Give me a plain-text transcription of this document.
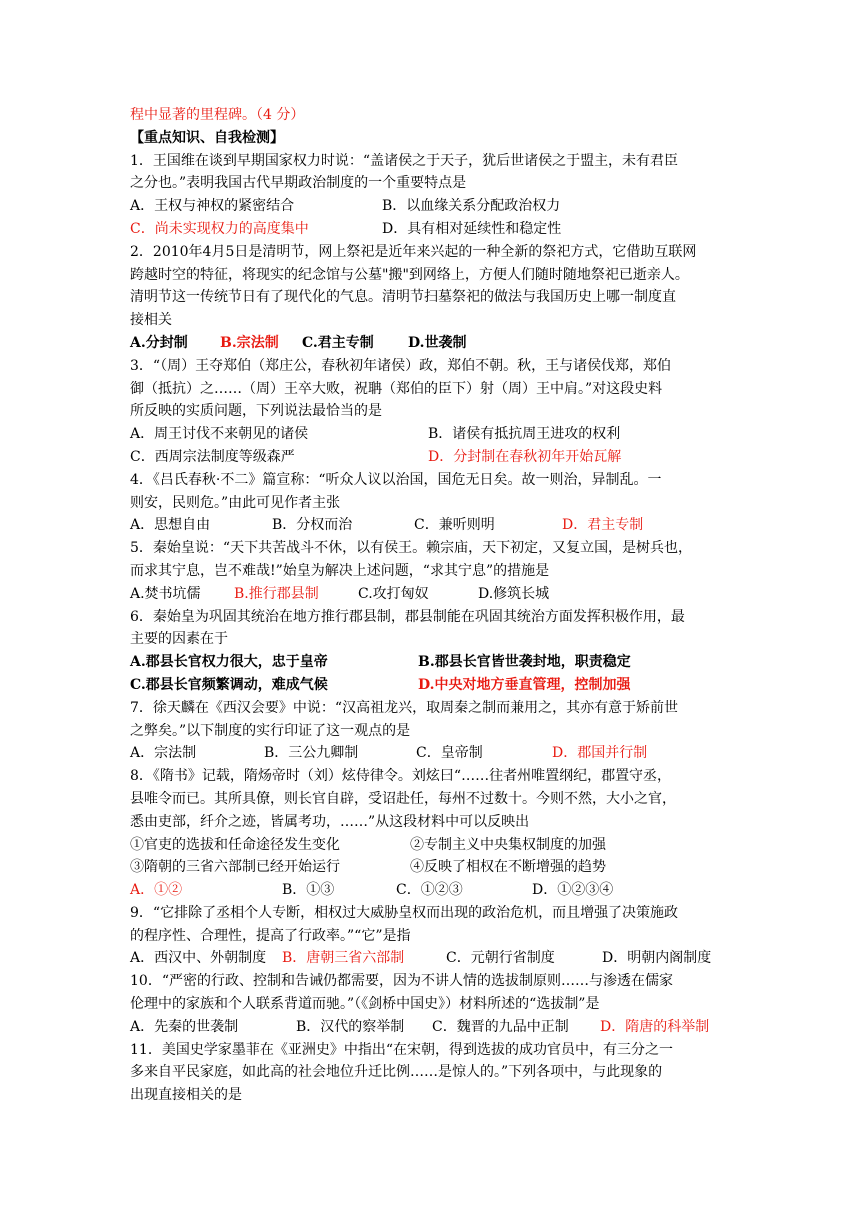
程中显著的里程碑。（4 分）
【重点知识、自我检测】
1．王国维在谈到早期国家权力时说：“盖诸侯之于天子，犹后世诸侯之于盟主，未有君臣
之分也。”表明我国古代早期政治制度的一个重要特点是
A．王权与神权的紧密结合	B．以血缘关系分配政治权力
C．尚未实现权力的高度集中	D．具有相对延续性和稳定性
2．2010年4月5日是清明节，网上祭祀是近年来兴起的一种全新的祭祀方式，它借助互联网
跨越时空的特征，将现实的纪念馆与公墓"搬"到网络上，方便人们随时随地祭祀已逝亲人。
清明节这一传统节日有了现代化的气息。清明节扫墓祭祀的做法与我国历史上哪一制度直
接相关
A.分封制	B.宗法制	C.君主专制	D.世袭制
3．“（周）王夺郑伯（郑庄公，春秋初年诸侯）政，郑伯不朝。秋，王与诸侯伐郑，郑伯
御（抵抗）之……（周）王卒大败，祝聃（郑伯的臣下）射（周）王中肩。”对这段史料
所反映的实质问题，下列说法最恰当的是
A．周王讨伐不来朝见的诸侯	B．诸侯有抵抗周王进攻的权利
C．西周宗法制度等级森严	D．分封制在春秋初年开始瓦解
4．《吕氏春秋·不二》篇宣称：“听众人议以治国，国危无日矣。故一则治，异制乱。一
则安，民则危。”由此可见作者主张
A．思想自由	B．分权而治	C．兼听则明	D．君主专制
5．秦始皇说：“天下共苦战斗不休，以有侯王。赖宗庙，天下初定，又复立国，是树兵也，
而求其宁息，岂不难哉!”始皇为解决上述问题，“求其宁息”的措施是
A.焚书坑儒	B.推行郡县制	C.攻打匈奴	D.修筑长城
6．秦始皇为巩固其统治在地方推行郡县制，郡县制能在巩固其统治方面发挥积极作用，最
主要的因素在于
A.郡县长官权力很大，忠于皇帝	B.郡县长官皆世袭封地，职责稳定
C.郡县长官频繁调动，难成气候	D.中央对地方垂直管理，控制加强
7．徐天麟在《西汉会要》中说：“汉高祖龙兴，取周秦之制而兼用之，其亦有意于矫前世
之弊矣。”以下制度的实行印证了这一观点的是
A．宗法制	B．三公九卿制	C．皇帝制	D．郡国并行制
8．《隋书》记载，隋炀帝时（刘）炫侍律令。刘炫曰“……往者州唯置纲纪，郡置守丞，
县唯令而已。其所具僚，则长官自辟，受诏赴任，每州不过数十。今则不然，大小之官，
悉由吏部，纤介之迹，皆属考功，……”从这段材料中可以反映出
①官吏的选拔和任命途径发生变化	②专制主义中央集权制度的加强
③隋朝的三省六部制已经开始运行	④反映了相权在不断增强的趋势
A．①②	B．①③	C．①②③	D．①②③④
9．“它排除了丞相个人专断，相权过大威胁皇权而出现的政治危机，而且增强了决策施政
的程序性、合理性，提高了行政率。”“它”是指
A．西汉中、外朝制度	B．唐朝三省六部制	C．元朝行省制度	D．明朝内阁制度
10．“严密的行政、控制和告诫仍都需要，因为不讲人情的选拔制原则……与渗透在儒家
伦理中的家族和个人联系背道而驰。”（《剑桥中国史》）材料所述的“选拔制”是
A．先秦的世袭制	B．汉代的察举制	C．魏晋的九品中正制	D．隋唐的科举制
11．美国史学家墨菲在《亚洲史》中指出“在宋朝，得到选拔的成功官员中，有三分之一
多来自平民家庭，如此高的社会地位升迁比例……是惊人的。”下列各项中，与此现象的
出现直接相关的是
